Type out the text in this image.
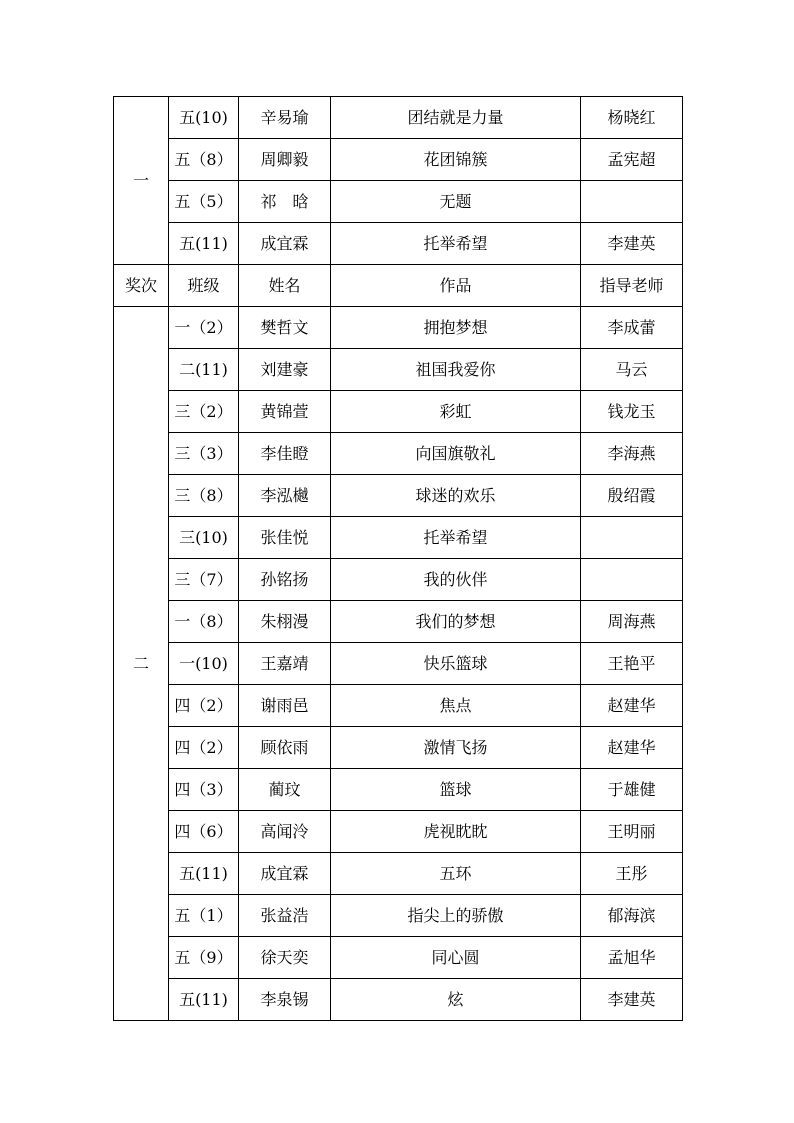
一	五(10)	辛易瑜	团结就是力量	杨晓红
	五（8）	周卿毅	花团锦簇	孟宪超
	五（5）	祁　晗	无题	
	五(11)	成宜霖	托举希望	李建英
奖次	班级	姓名	作品	指导老师
二	一（2）	樊哲文	拥抱梦想	李成蕾
	二(11)	刘建豪	祖国我爱你	马云
	三（2）	黄锦萱	彩虹	钱龙玉
	三（3）	李佳瞪	向国旗敬礼	李海燕
	三（8）	李泓樾	球迷的欢乐	殷绍霞
	三(10)	张佳悦	托举希望	
	三（7）	孙铭扬	我的伙伴	
	一（8）	朱栩漫	我们的梦想	周海燕
	一(10)	王嘉靖	快乐篮球	王艳平
	四（2）	谢雨邑	焦点	赵建华
	四（2）	顾依雨	激情飞扬	赵建华
	四（3）	蔺玟	篮球	于雄健
	四（6）	高闻泠	虎视眈眈	王明丽
	五(11)	成宜霖	五环	王彤
	五（1）	张益浩	指尖上的骄傲	郁海滨
	五（9）	徐天奕	同心圆	孟旭华
	五(11)	李泉锡	炫	李建英
